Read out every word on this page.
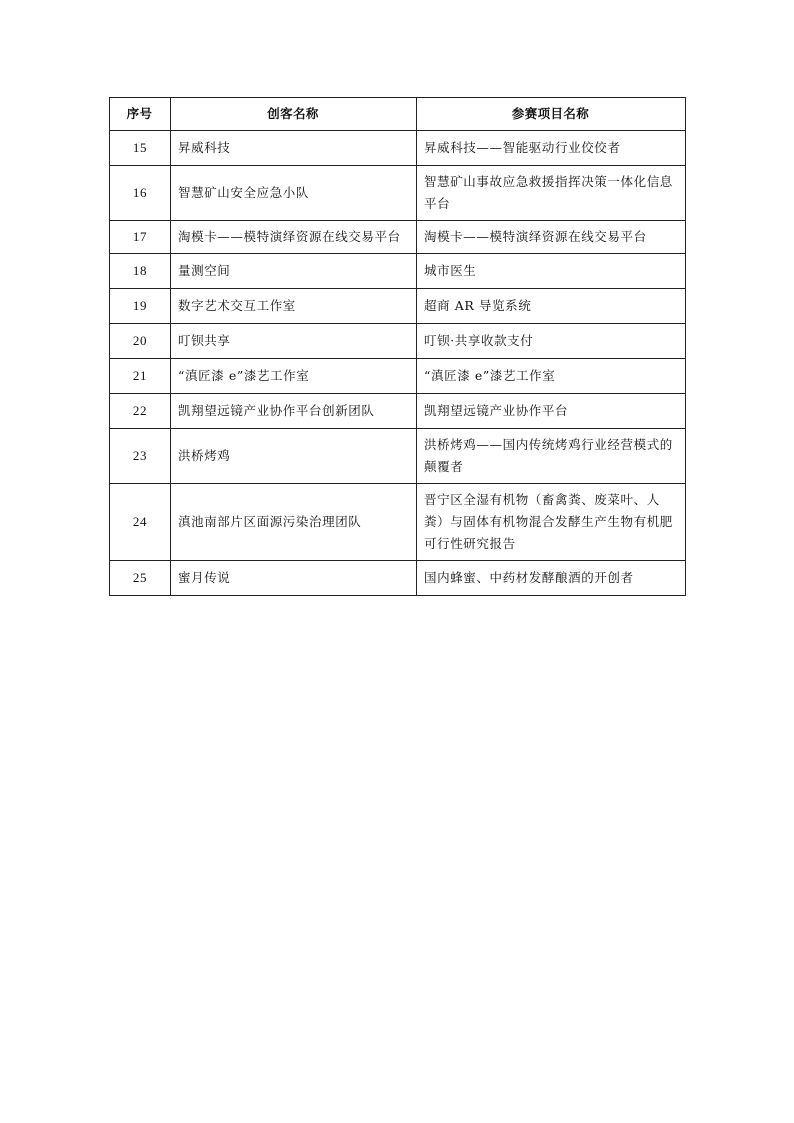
序号	创客名称	参赛项目名称
15	昇威科技	昇威科技——智能驱动行业佼佼者
16	智慧矿山安全应急小队	智慧矿山事故应急救援指挥决策一体化信息平台
17	淘模卡——模特演绎资源在线交易平台	淘模卡——模特演绎资源在线交易平台
18	量测空间	城市医生
19	数字艺术交互工作室	超商 AR 导览系统
20	叮钡共享	叮钡·共享收款支付
21	“滇匠漆 e”漆艺工作室	“滇匠漆 e”漆艺工作室
22	凯翔望远镜产业协作平台创新团队	凯翔望远镜产业协作平台
23	洪桥烤鸡	洪桥烤鸡——国内传统烤鸡行业经营模式的颠覆者
24	滇池南部片区面源污染治理团队	晋宁区全湿有机物（畜禽粪、废菜叶、人粪）与固体有机物混合发酵生产生物有机肥可行性研究报告
25	蜜月传说	国内蜂蜜、中药材发酵酿酒的开创者
